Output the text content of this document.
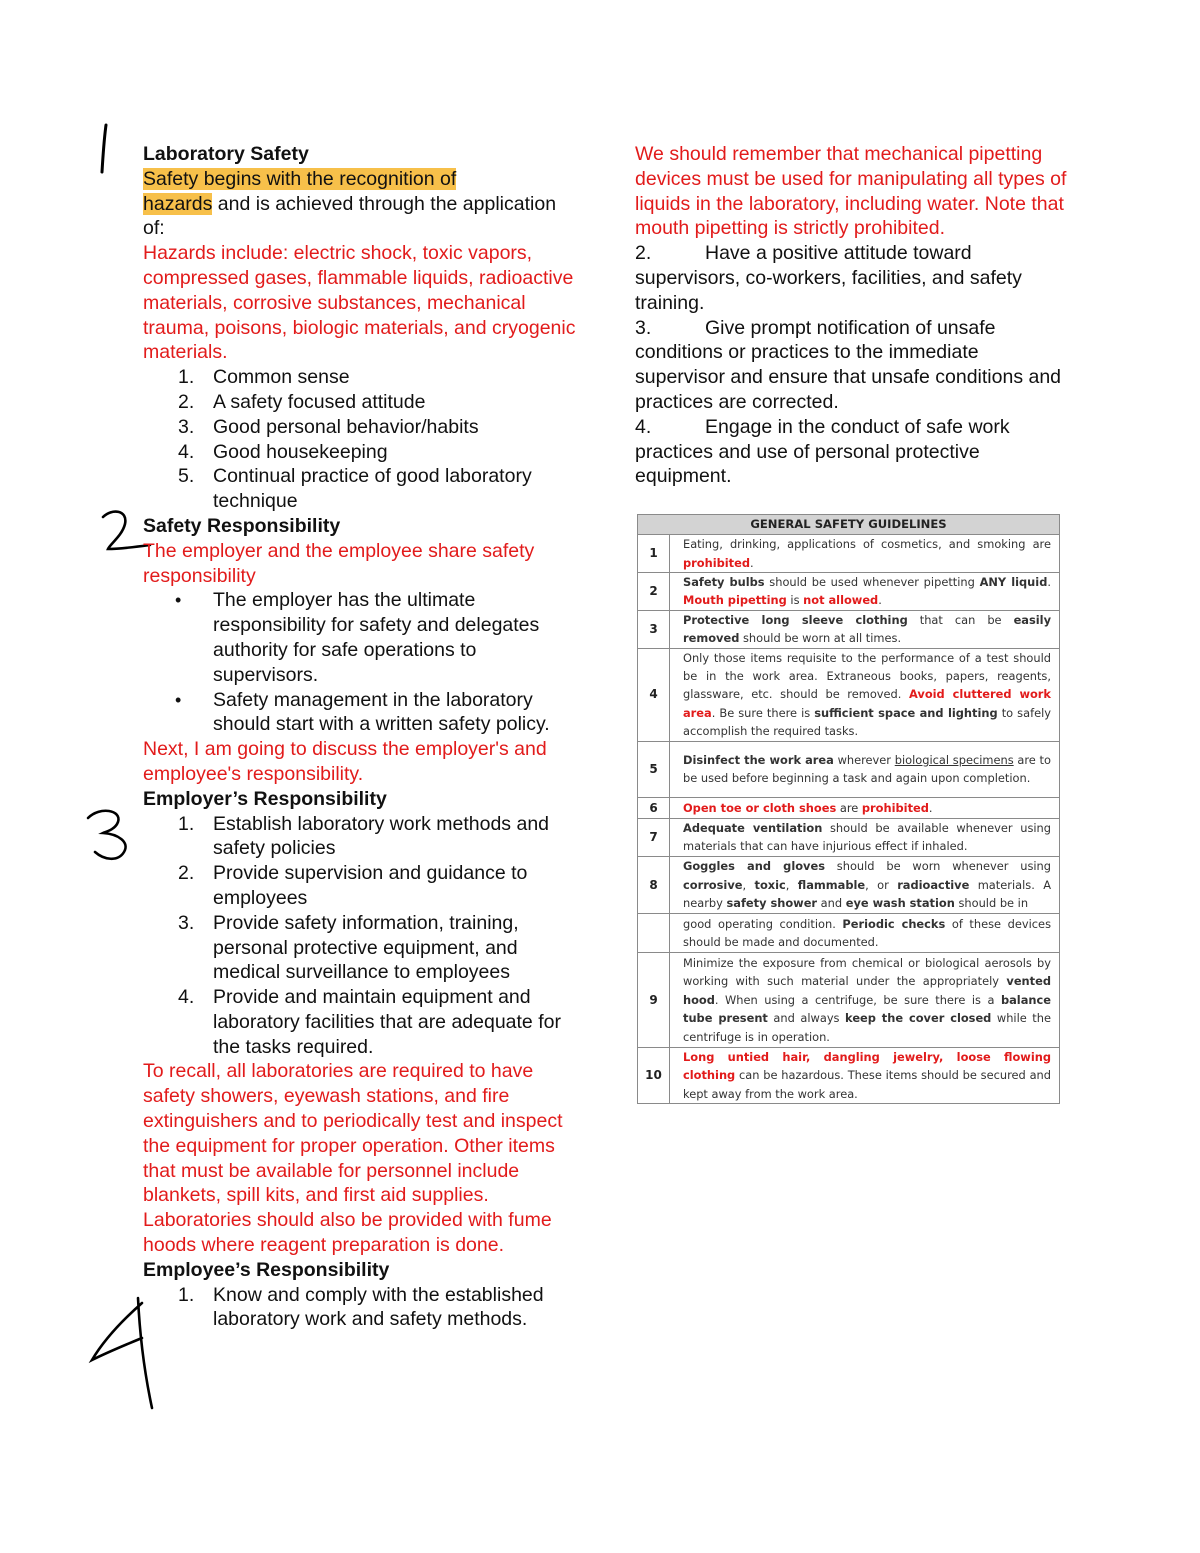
Laboratory Safety

Safety begins with the recognition of
hazards and is achieved through the application of:

Hazards include: electric shock, toxic vapors, compressed gases, flammable liquids, radioactive materials, corrosive substances, mechanical trauma, poisons, biologic materials, and cryogenic materials.

1. Common sense
2. A safety focused attitude
3. Good personal behavior/habits
4. Good housekeeping
5. Continual practice of good laboratory technique

Safety Responsibility

The employer and the employee share safety responsibility

• The employer has the ultimate responsibility for safety and delegates authority for safe operations to supervisors.
• Safety management in the laboratory should start with a written safety policy.

Next, I am going to discuss the employer's and employee's responsibility.

Employer’s Responsibility

1. Establish laboratory work methods and safety policies
2. Provide supervision and guidance to employees
3. Provide safety information, training, personal protective equipment, and medical surveillance to employees
4. Provide and maintain equipment and laboratory facilities that are adequate for the tasks required.

To recall, all laboratories are required to have safety showers, eyewash stations, and fire extinguishers and to periodically test and inspect the equipment for proper operation. Other items that must be available for personnel include blankets, spill kits, and first aid supplies. Laboratories should also be provided with fume hoods where reagent preparation is done.

Employee’s Responsibility

1. Know and comply with the established laboratory work and safety methods.

We should remember that mechanical pipetting devices must be used for manipulating all types of liquids in the laboratory, including water. Note that mouth pipetting is strictly prohibited.

2.	Have a positive attitude toward supervisors, co-workers, facilities, and safety training.

3.	Give prompt notification of unsafe conditions or practices to the immediate supervisor and ensure that unsafe conditions and practices are corrected.

4.	Engage in the conduct of safe work practices and use of personal protective equipment.

GENERAL SAFETY GUIDELINES	
1	Eating, drinking, applications of cosmetics, and smoking are prohibited.
2	Safety bulbs should be used whenever pipetting ANY liquid. Mouth pipetting is not allowed.
3	Protective long sleeve clothing that can be easily removed should be worn at all times.
4	Only those items requisite to the performance of a test should be in the work area. Extraneous books, papers, reagents, glassware, etc. should be removed. Avoid cluttered work area. Be sure there is sufficient space and lighting to safely accomplish the required tasks.
5	Disinfect the work area wherever biological specimens are to be used before beginning a task and again upon completion.
6	Open toe or cloth shoes are prohibited.
7	Adequate ventilation should be available whenever using materials that can have injurious effect if inhaled.
8	Goggles and gloves should be worn whenever using corrosive, toxic, flammable, or radioactive materials. A nearby safety shower and eye wash station should be in
	good operating condition. Periodic checks of these devices should be made and documented.
9	Minimize the exposure from chemical or biological aerosols by working with such material under the appropriately vented hood. When using a centrifuge, be sure there is a balance tube present and always keep the cover closed while the centrifuge is in operation.
10	Long untied hair, dangling jewelry, loose flowing clothing can be hazardous. These items should be secured and kept away from the work area.
